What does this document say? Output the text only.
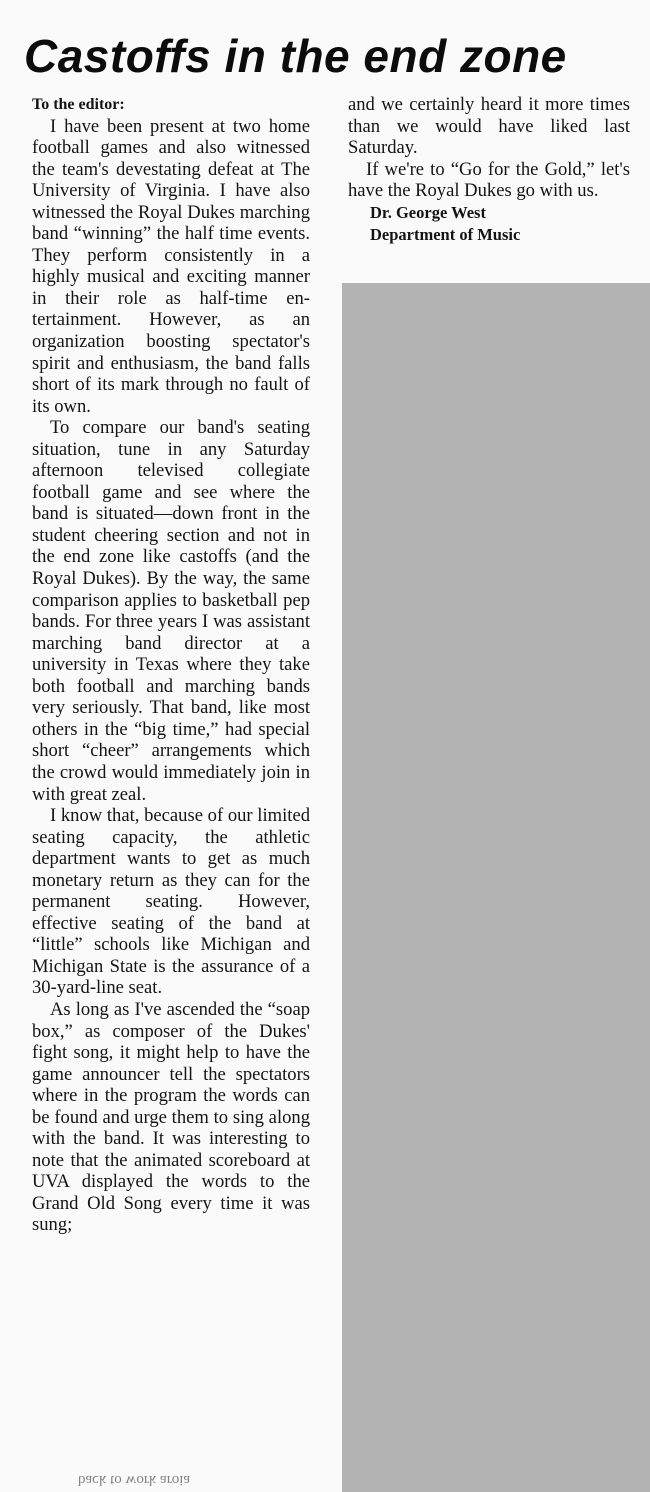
Castoffs in the end zone

To the editor:

I have been present at two home football games and also witnessed the team's devestating defeat at The University of Virginia. I have also witnessed the Royal Dukes marching band “winning” the half time events. They perform consistently in a highly musical and exciting manner in their role as half-time entertainment. However, as an organization boosting spectator's spirit and enthusiasm, the band falls short of its mark through no fault of its own.

To compare our band's seating situation, tune in any Saturday afternoon televised collegiate football game and see where the band is situated—down front in the student cheering section and not in the end zone like castoffs (and the Royal Dukes). By the way, the same comparison applies to basketball pep bands. For three years I was assistant marching band director at a university in Texas where they take both football and marching bands very seriously. That band, like most others in the “big time,” had special short “cheer” arrangements which the crowd would immediately join in with great zeal.

I know that, because of our limited seating capacity, the athletic department wants to get as much monetary return as they can for the permanent seating. However, effective seating of the band at “little” schools like Michigan and Michigan State is the assurance of a 30-yard-line seat.

As long as I've ascended the “soap box,” as composer of the Dukes' fight song, it might help to have the game announcer tell the spectators where in the program the words can be found and urge them to sing along with the band. It was interesting to note that the animated scoreboard at UVA displayed the words to the Grand Old Song every time it was sung;

and we certainly heard it more times than we would have liked last Saturday.

If we're to “Go for the Gold,” let's have the Royal Dukes go with us.

Dr. George West

Department of Music

back to work aroia
